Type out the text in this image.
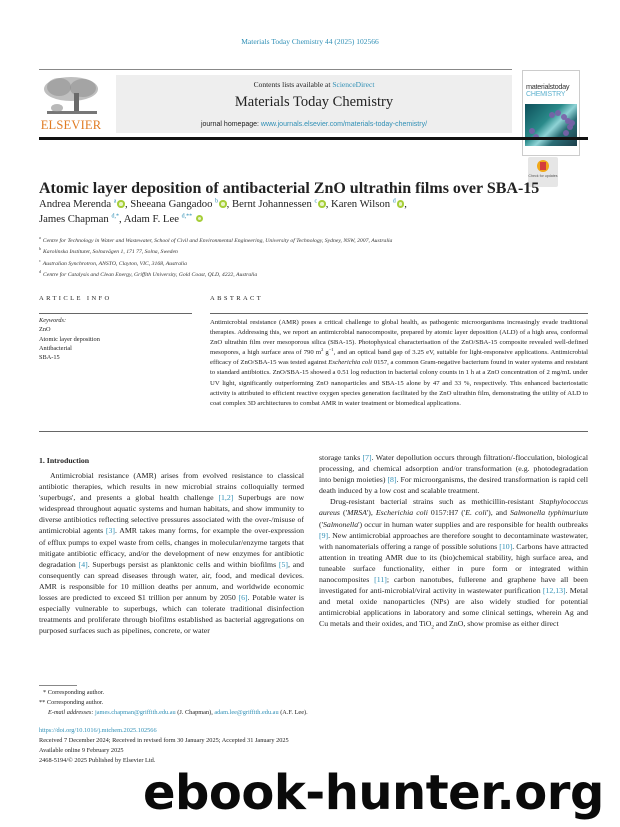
Materials Today Chemistry 44 (2025) 102566
ELSEVIER
Contents lists available at ScienceDirect
Materials Today Chemistry
journal homepage: www.journals.elsevier.com/materials-today-chemistry/
materialstoday
CHEMISTRY
Check for updates
Atomic layer deposition of antibacterial ZnO ultrathin films over SBA-15
Andrea Merenda $^a$ , Sheeana Gangadoo $^b$ , Bernt Johannessen $^c$ , Karen Wilson $^d$ ,
James Chapman $^{d,*}$, Adam F. Lee $^{d,**}$
$^a$Centre for Technology in Water and Wastewater, School of Civil and Environmental Engineering, University of Technology, Sydney, NSW, 2007, Australia
$^b$Karolinska Institutet, Solnavägen 1, 171 77, Solna, Sweden
$^c$Australian Synchrotron, ANSTO, Clayton, VIC, 3168, Australia
$^d$Centre for Catalysis and Clean Energy, Griffith University, Gold Coast, QLD, 4222, Australia
ARTICLE INFO	ABSTRACT
Keywords:
ZnO
Atomic layer deposition
Antibacterial
SBA-15
Antimicrobial resistance (AMR) poses a critical challenge to global health, as pathogenic microorganisms increasingly evade traditional therapies. Addressing this, we report an antimicrobial nanocomposite, prepared by atomic layer deposition (ALD) of a high area, conformal ZnO ultrathin film over mesoporous silica (SBA-15). Photophysical characterisation of the ZnO/SBA-15 composite revealed well-defined mesopores, a high surface area of 790 $m^2$ $g^{-1}$, and an optical band gap of 3.25 eV, suitable for light-responsive applications. Antimicrobial efficacy of ZnO/SBA-15 was tested against Escherichia coli 0157, a common Gram-negative bacterium found in water systems and resistant to standard antibiotics. ZnO/SBA-15 showed a 0.51 log reduction in bacterial colony counts in 1 h at a ZnO concentration of 2 mg/mL under UV light, significantly outperforming ZnO nanoparticles and SBA-15 alone by 47 and 33 %, respectively. This enhanced bacteriostatic activity is attributed to efficient reactive oxygen species generation facilitated by the ZnO ultrathin film, demonstrating the utility of ALD to coat complex 3D architectures to combat AMR in water treatment or biomedical applications.
1. Introduction

Antimicrobial resistance (AMR) arises from evolved resistance to classical antibiotic therapies, which results in new microbial strains colloquially termed 'superbugs', and presents a global health challenge [1,2] Superbugs are now widespread throughout aquatic systems and human habitats, and show immunity to diverse antibiotics reflecting selective pressures associated with the over-/misuse of antimicrobial agents [3]. AMR takes many forms, for example the over-expression of efflux pumps to expel waste from cells, changes in molecular/enzyme targets that mitigate antibiotic efficacy, and/or the development of new enzymes for antibiotic degradation [4]. Superbugs persist as planktonic cells and within biofilms [5], and consequently can spread diseases through water, air, food, and medical devices. AMR is responsible for 10 million deaths per annum, and worldwide economic losses are predicted to exceed $1 trillion per annum by 2050 [6]. Potable water is especially vulnerable to superbugs, which can tolerate traditional disinfection treatments and proliferate through biofilms established as bacterial aggregations on purposed surfaces such as pipelines, concrete, or water

storage tanks [7]. Water depollution occurs through filtration/-flocculation, biological processing, and chemical adsorption and/or transformation (e.g. photodegradation into benign moieties) [8]. For microorganisms, the desired transformation is rapid cell death induced by a low cost and scalable treatment.

Drug-resistant bacterial strains such as methicillin-resistant Staphylococcus aureus ('MRSA'), Escherichia coli 0157:H7 ('E. coli'), and Salmonella typhimurium ('Salmonella') occur in human water supplies and are responsible for health outbreaks [9]. New antimicrobial approaches are therefore sought to decontaminate wastewater, with nanomaterials offering a range of possible solutions [10]. Carbons have attracted attention in treating AMR due to its (bio)chemical stability, high surface area, and tuneable surface functionality, either in pure form or integrated within nanocomposites [11]; carbon nanotubes, fullerene and graphene have all been investigated for anti-microbial/viral activity in wastewater purification [12,13]. Metal and metal oxide nanoparticles (NPs) are also widely studied for potential antimicrobial applications in laboratory and some clinical settings, wherein Ag and Cu metals and their oxides, and TiO$_2$ and ZnO, show promise as either direct

* Corresponding author.
** Corresponding author.
E-mail addresses: james.chapman@griffith.edu.au (J. Chapman), adam.lee@griffith.edu.au (A.F. Lee).
https://doi.org/10.1016/j.mtchem.2025.102566
Received 7 December 2024; Received in revised form 30 January 2025; Accepted 31 January 2025
Available online 9 February 2025
2468-5194/© 2025 Published by Elsevier Ltd.
ebook-hunter.org
